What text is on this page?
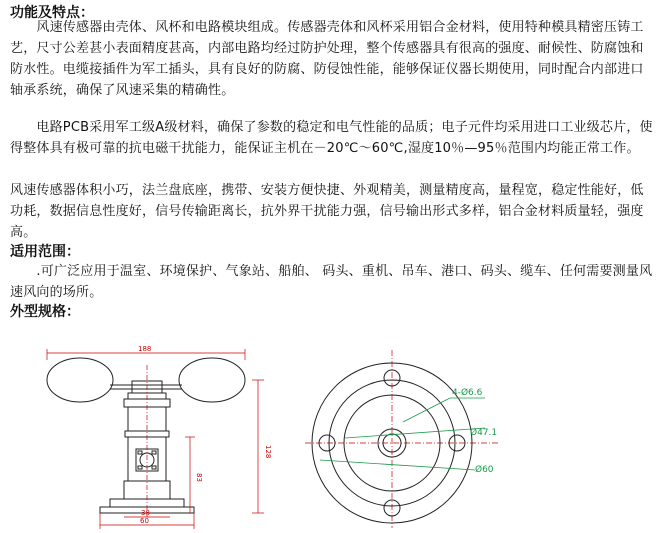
功能及特点：

　　风速传感器由壳体、风杯和电路模块组成。传感器壳体和风杯采用铝合金材料，使用特种模具精密压铸工艺，尺寸公差甚小表面精度甚高，内部电路均经过防护处理，整个传感器具有很高的强度、耐候性、防腐蚀和防水性。电缆接插件为军工插头，具有良好的防腐、防侵蚀性能，能够保证仪器长期使用，同时配合内部进口轴承系统，确保了风速采集的精确性。

　　电路PCB采用军工级A级材料，确保了参数的稳定和电气性能的品质；电子元件均采用进口工业级芯片，使得整体具有极可靠的抗电磁干扰能力，能保证主机在－20℃～60℃,湿度10％—95％范围内均能正常工作。

风速传感器体积小巧，法兰盘底座，携带、安装方便快捷、外观精美，测量精度高，量程宽，稳定性能好，低功耗，数据信息性度好，信号传输距离长，抗外界干扰能力强，信号输出形式多样，铝合金材料质量轻，强度高。

适用范围：

　　.可广泛应用于温室、环境保护、气象站、船舶、 码头、重机、吊车、港口、码头、缆车、任何需要测量风速风向的场所。

外型规格：
188
128
83
38
60
4-Ø6.6
Ø47.1
Ø60
